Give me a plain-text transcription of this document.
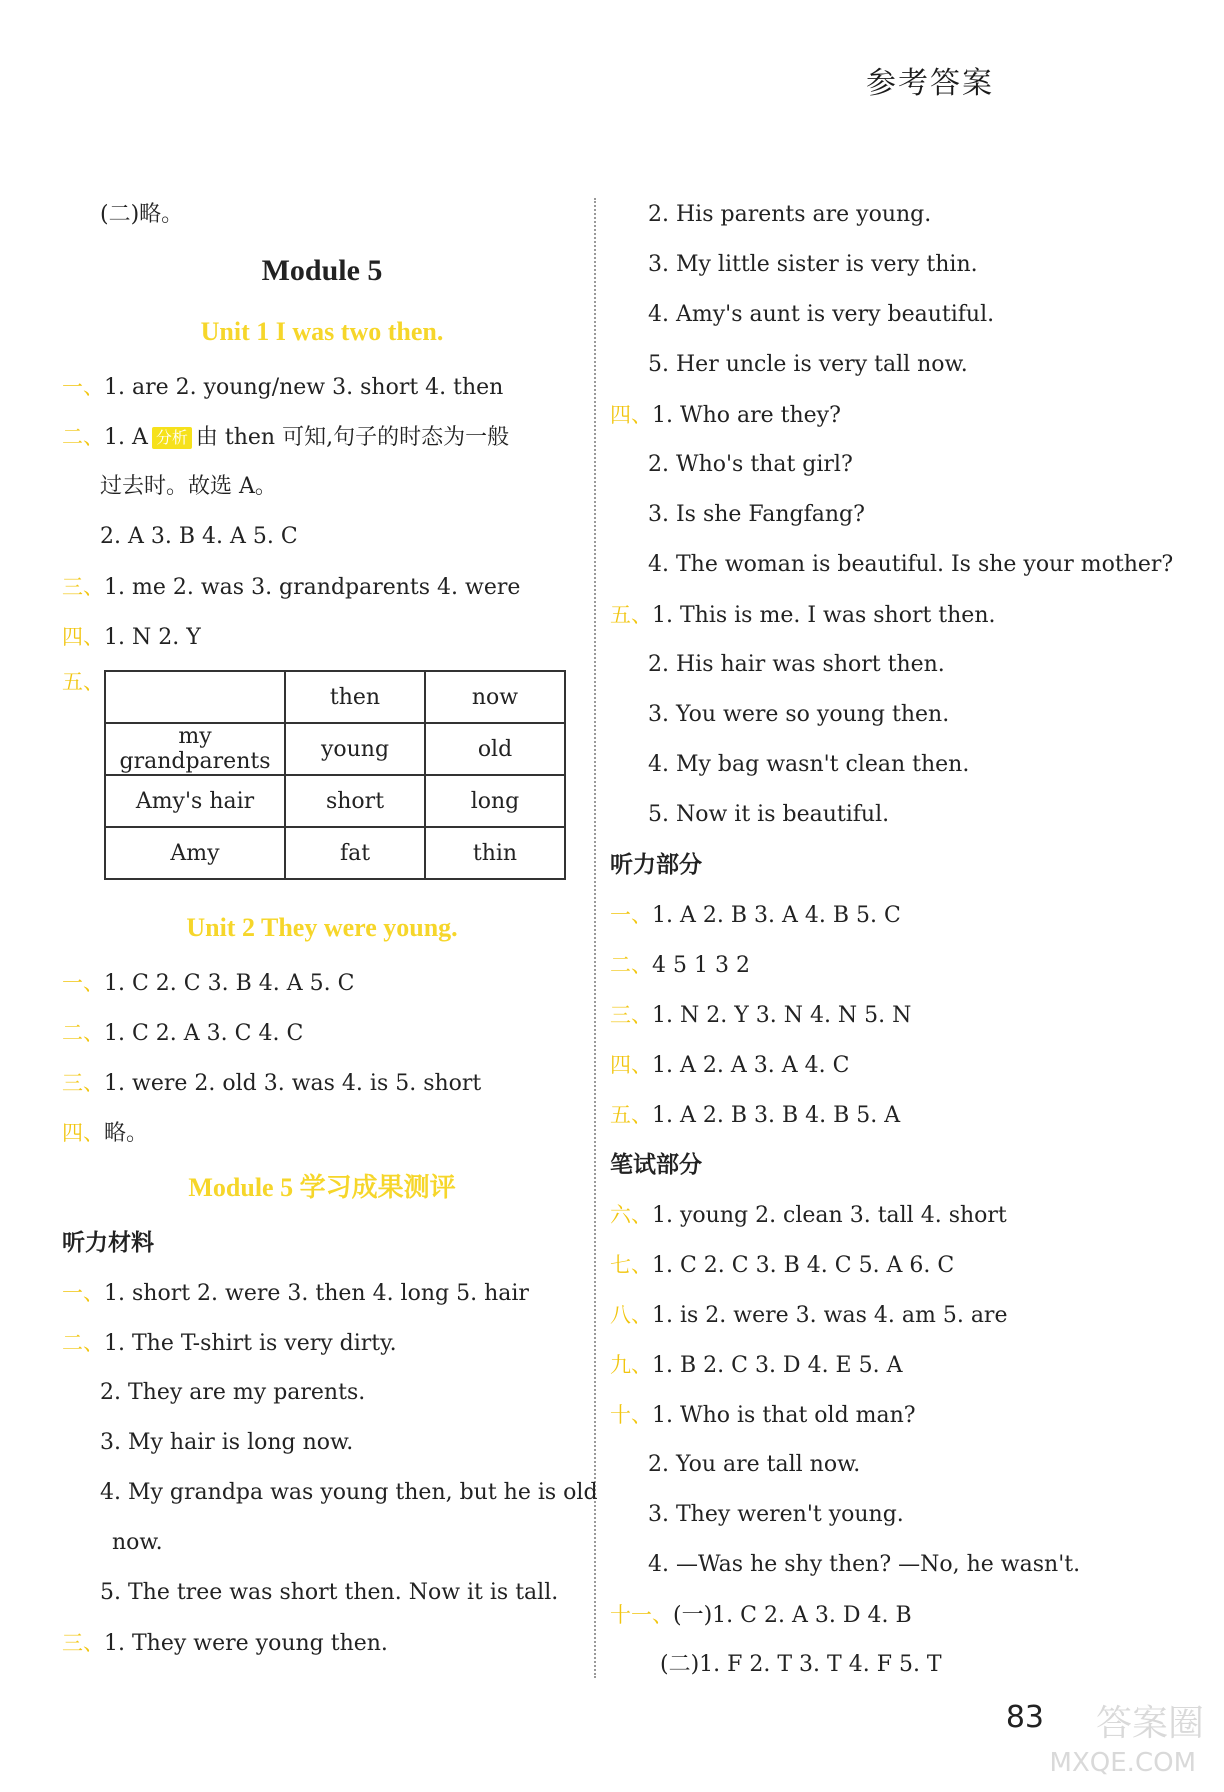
参考答案
(二)略。
Module 5
Unit 1 I was two then.
一、1. are 2. young/new 3. short 4. then
二、1. A 分析 由 then 可知,句子的时态为一般
过去时。故选 A。
2. A 3. B 4. A 5. C
三、1. me 2. was 3. grandparents 4. were
四、1. N 2. Y
五、
	then	now
my grandparents	young	old
Amy's hair	short	long
Amy	fat	thin
Unit 2 They were young.
一、1. C 2. C 3. B 4. A 5. C
二、1. C 2. A 3. C 4. C
三、1. were 2. old 3. was 4. is 5. short
四、略。
Module 5 学习成果测评
听力材料
一、1. short 2. were 3. then 4. long 5. hair
二、1. The T-shirt is very dirty.
2. They are my parents.
3. My hair is long now.
4. My grandpa was young then, but he is old
now.
5. The tree was short then. Now it is tall.
三、1. They were young then.
2. His parents are young.
3. My little sister is very thin.
4. Amy's aunt is very beautiful.
5. Her uncle is very tall now.
四、1. Who are they?
2. Who's that girl?
3. Is she Fangfang?
4. The woman is beautiful. Is she your mother?
五、1. This is me. I was short then.
2. His hair was short then.
3. You were so young then.
4. My bag wasn't clean then.
5. Now it is beautiful.
听力部分
一、1. A 2. B 3. A 4. B 5. C
二、4 5 1 3 2
三、1. N 2. Y 3. N 4. N 5. N
四、1. A 2. A 3. A 4. C
五、1. A 2. B 3. B 4. B 5. A
笔试部分
六、1. young 2. clean 3. tall 4. short
七、1. C 2. C 3. B 4. C 5. A 6. C
八、1. is 2. were 3. was 4. am 5. are
九、1. B 2. C 3. D 4. E 5. A
十、1. Who is that old man?
2. You are tall now.
3. They weren't young.
4. —Was he shy then? —No, he wasn't.
十一、(一)1. C 2. A 3. D 4. B
(二)1. F 2. T 3. T 4. F 5. T
83 答案圈
MXQE.COM
